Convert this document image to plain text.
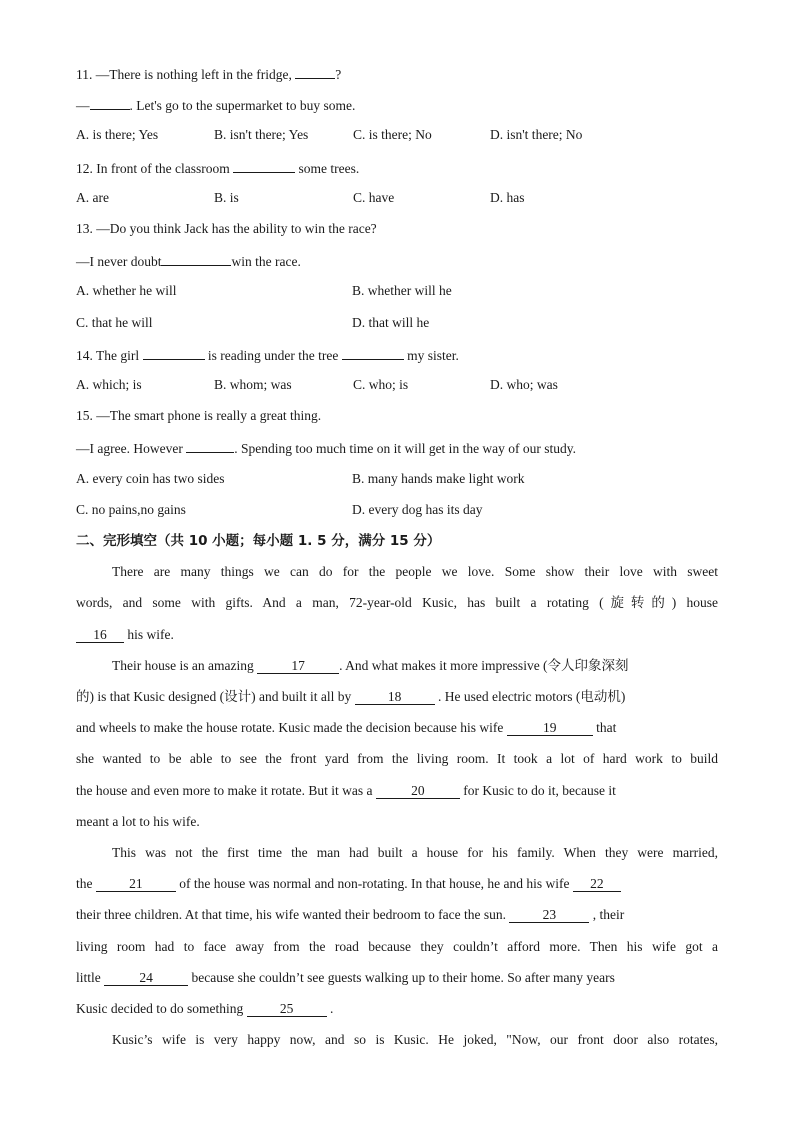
11. —There is nothing left in the fridge,	?
—	. Let's go to the supermarket to buy some.
A. is there; Yes	B. isn't there; Yes	C. is there; No	D. isn't there; No
12. In front of the classroom	some trees.
A. are	B. is	C. have	D. has
13. —Do you think Jack has the ability to win the race?
—I never doubt	win the race.
A. whether he will	B. whether will he
C. that he will	D. that will he
14. The girl	is reading under the tree	my sister.
A. which; is	B. whom; was	C. who; is	D. who; was
15. —The smart phone is really a great thing.
—I agree. However	. Spending too much time on it will get in the way of our study.
A. every coin has two sides	B. many hands make light work
C. no pains,no gains	D. every dog has its day
二、完形填空（共 10 小题；每小题 1. 5 分，满分 15 分）
There are many things we can do for the people we love. Some show their love with sweet
words, and some with gifts. And a man, 72-year-old Kusic, has built a rotating (旋转的) house
16 his wife.
Their house is an amazing	17	. And what makes it more impressive (令人印象深刻
的) is that Kusic designed (设计) and built it all by 18 . He used electric motors (电动机)
and wheels to make the house rotate. Kusic made the decision because his wife	19	that
she wanted to be able to see the front yard from the living room. It took a lot of hard work to build
the house and even more to make it rotate. But it was a	20	for Kusic to do it, because it
meant a lot to his wife.
This was not the first time the man had built a house for his family. When they were married,
the 21 of the house was normal and non-rotating. In that house, he and his wife 22
their three children. At that time, his wife wanted their bedroom to face the sun. 23 , their
living room had to face away from the road because they couldn’t afford more. Then his wife got a
little	24	because she couldn’t see guests walking up to their home. So after many years
Kusic decided to do something 25 .
Kusic’s wife is very happy now, and so is Kusic. He joked, "Now, our front door also rotates,
